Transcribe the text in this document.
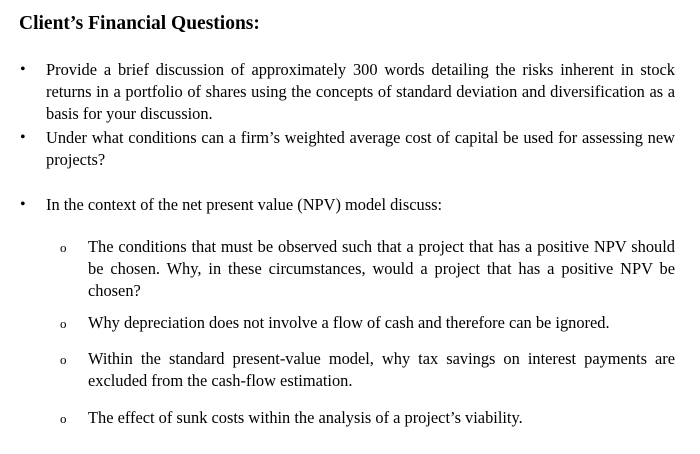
Client’s Financial Questions:
• Provide a brief discussion of approximately 300 words detailing the risks inherent in stock returns in a portfolio of shares using the concepts of standard deviation and diversification as a basis for your discussion.
• Under what conditions can a firm’s weighted average cost of capital be used for assessing new projects?
• In the context of the net present value (NPV) model discuss:
o The conditions that must be observed such that a project that has a positive NPV should be chosen. Why, in these circumstances, would a project that has a positive NPV be chosen?
o Why depreciation does not involve a flow of cash and therefore can be ignored.
o Within the standard present-value model, why tax savings on interest payments are excluded from the cash-flow estimation.
o The effect of sunk costs within the analysis of a project’s viability.
